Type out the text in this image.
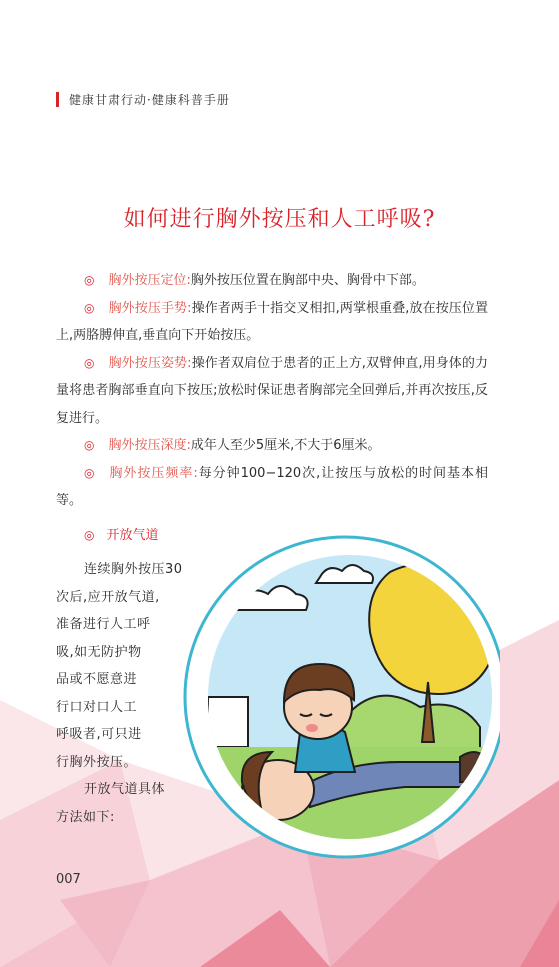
健康甘肃行动·健康科普手册
如何进行胸外按压和人工呼吸?

◎ 胸外按压定位:胸外按压位置在胸部中央、胸骨中下部。

◎ 胸外按压手势:操作者两手十指交叉相扣,两掌根重叠,放在按压位置上,两胳膊伸直,垂直向下开始按压。

◎ 胸外按压姿势:操作者双肩位于患者的正上方,双臂伸直,用身体的力量将患者胸部垂直向下按压;放松时保证患者胸部完全回弹后,并再次按压,反复进行。

◎ 胸外按压深度:成年人至少5厘米,不大于6厘米。

◎ 胸外按压频率:每分钟100−120次,让按压与放松的时间基本相等。

◎ 开放气道

连续胸外按压30

次后,应开放气道,

准备进行人工呼

吸,如无防护物

品或不愿意进

行口对口人工

呼吸者,可只进

行胸外按压。

开放气道具体

方法如下:

007
